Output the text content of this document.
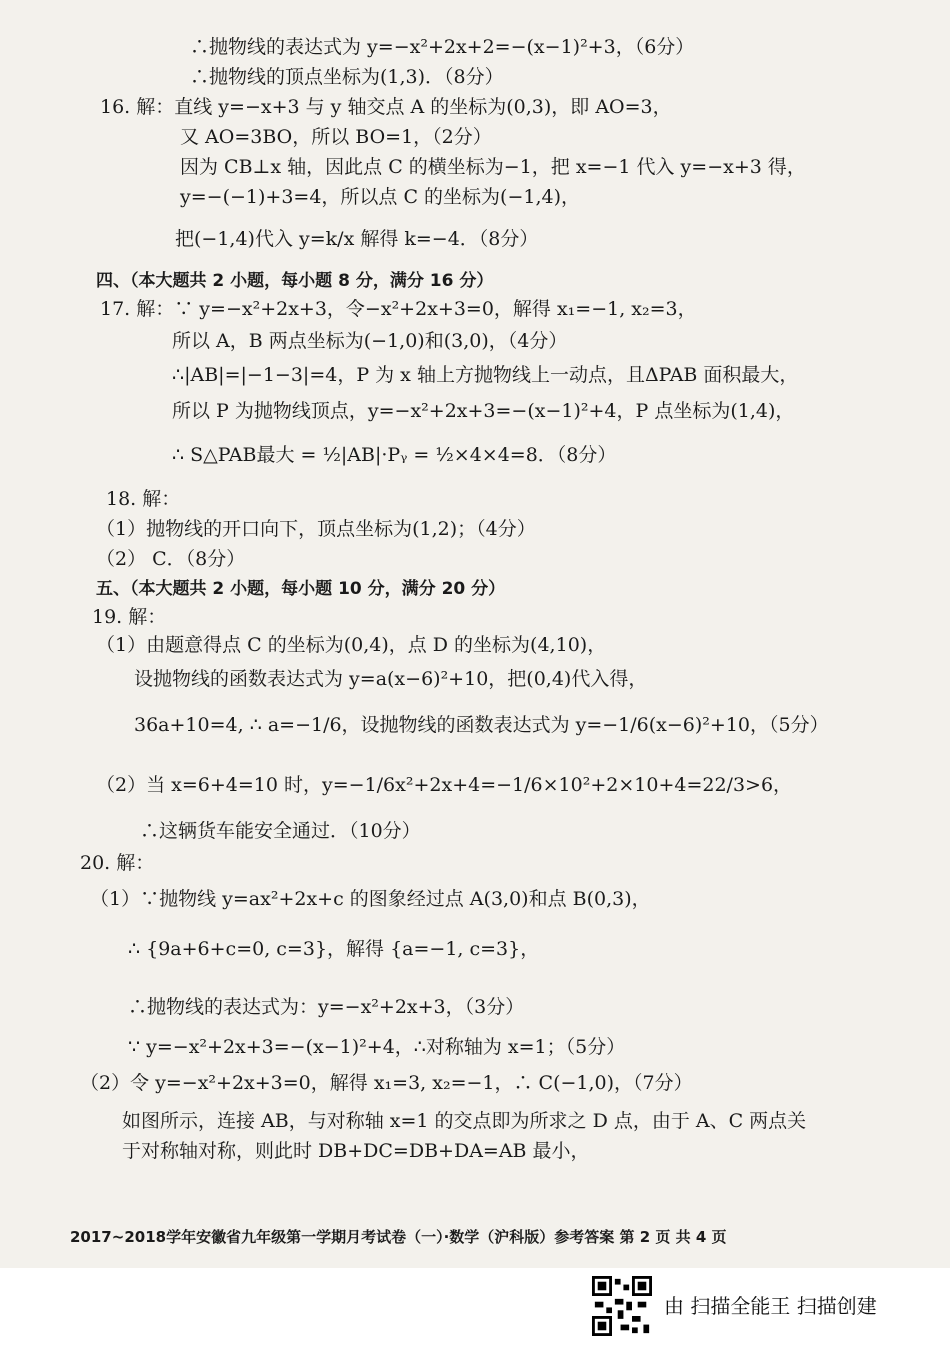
∴抛物线的表达式为 y=−x²+2x+2=−(x−1)²+3，（6分）
∴抛物线的顶点坐标为(1,3)．（8分）
16. 解：直线 y=−x+3 与 y 轴交点 A 的坐标为(0,3)，即 AO=3，
又 AO=3BO，所以 BO=1，（2分）
因为 CB⊥x 轴，因此点 C 的横坐标为−1，把 x=−1 代入 y=−x+3 得，
y=−(−1)+3=4，所以点 C 的坐标为(−1,4)，
把(−1,4)代入 y=k/x 解得 k=−4．（8分）
四、（本大题共 2 小题，每小题 8 分，满分 16 分）
17. 解：∵ y=−x²+2x+3，令−x²+2x+3=0，解得 x₁=−1, x₂=3，
所以 A，B 两点坐标为(−1,0)和(3,0)，（4分）
∴|AB|=|−1−3|=4，P 为 x 轴上方抛物线上一动点，且ΔPAB 面积最大，
所以 P 为抛物线顶点，y=−x²+2x+3=−(x−1)²+4，P 点坐标为(1,4)，
∴ S△PAB最大 = ½|AB|·Pᵧ = ½×4×4=8．（8分）
18. 解：
（1）抛物线的开口向下，顶点坐标为(1,2)；（4分）
（2） C．（8分）
五、（本大题共 2 小题，每小题 10 分，满分 20 分）
19. 解：
（1）由题意得点 C 的坐标为(0,4)，点 D 的坐标为(4,10)，
设抛物线的函数表达式为 y=a(x−6)²+10，把(0,4)代入得，
36a+10=4, ∴ a=−1/6，设抛物线的函数表达式为 y=−1/6(x−6)²+10，（5分）
（2）当 x=6+4=10 时，y=−1/6x²+2x+4=−1/6×10²+2×10+4=22/3>6，
∴这辆货车能安全通过．（10分）
20. 解：
（1）∵抛物线 y=ax²+2x+c 的图象经过点 A(3,0)和点 B(0,3)，
∴ {9a+6+c=0, c=3}，解得 {a=−1, c=3}，
∴抛物线的表达式为：y=−x²+2x+3，（3分）
∵ y=−x²+2x+3=−(x−1)²+4，∴对称轴为 x=1；（5分）
（2）令 y=−x²+2x+3=0，解得 x₁=3, x₂=−1，∴ C(−1,0)，（7分）
如图所示，连接 AB，与对称轴 x=1 的交点即为所求之 D 点，由于 A、C 两点关
于对称轴对称，则此时 DB+DC=DB+DA=AB 最小，
2017~2018学年安徽省九年级第一学期月考试卷（一）·数学（沪科版）参考答案 第 2 页 共 4 页
由 扫描全能王 扫描创建
